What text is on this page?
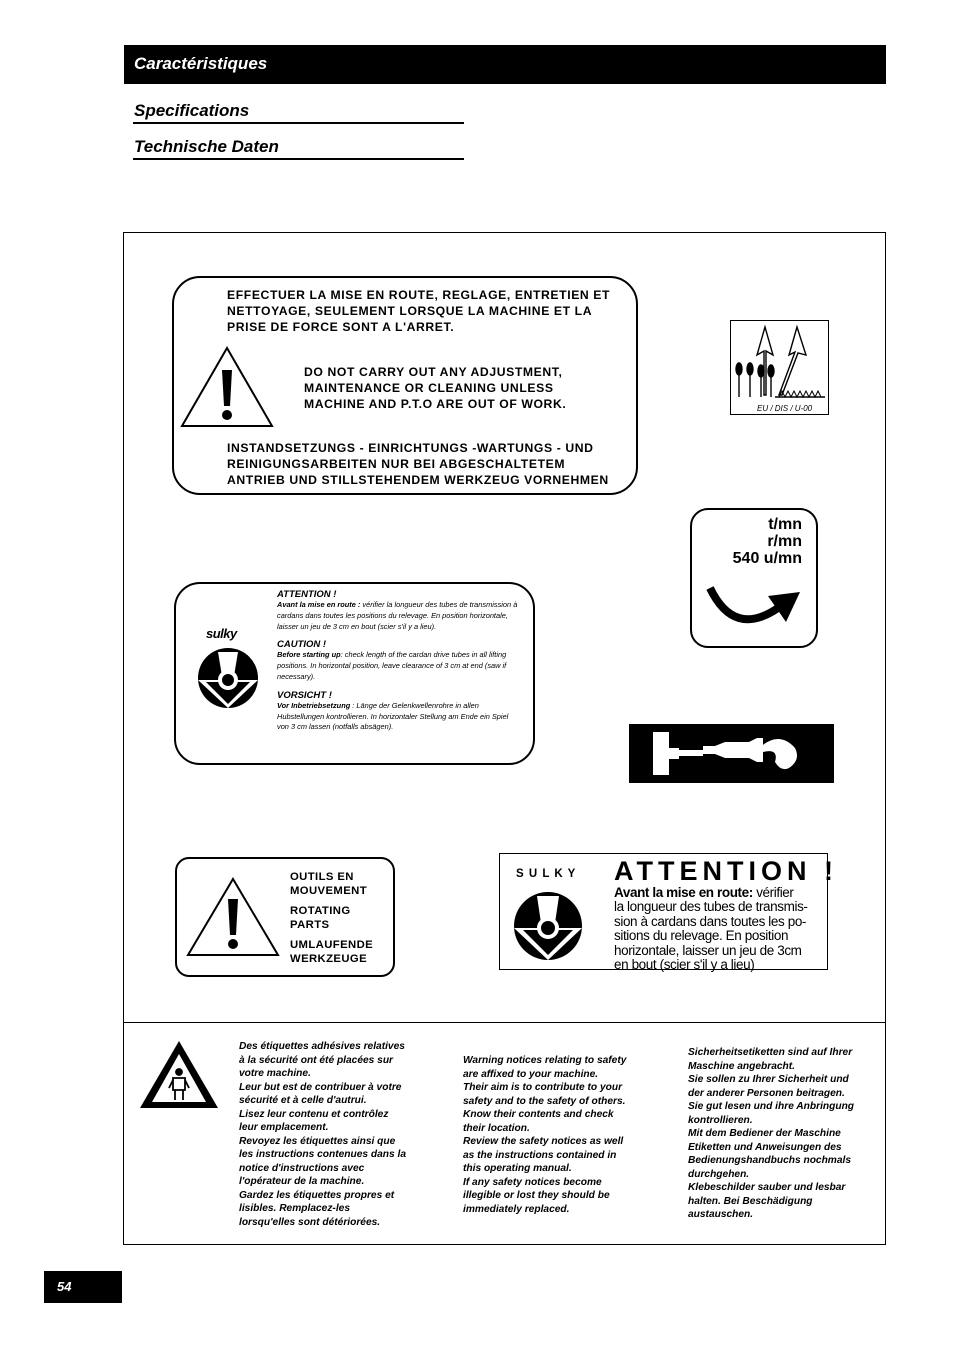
Caractéristiques
Specifications
Technische Daten
EFFECTUER LA MISE EN ROUTE, REGLAGE, ENTRETIEN ET
NETTOYAGE, SEULEMENT LORSQUE LA MACHINE ET LA
PRISE DE FORCE SONT A L'ARRET.
DO NOT CARRY OUT ANY ADJUSTMENT,
MAINTENANCE OR CLEANING UNLESS
MACHINE AND P.T.O ARE OUT OF WORK.
INSTANDSETZUNGS - EINRICHTUNGS -WARTUNGS - UND
REINIGUNGSARBEITEN NUR BEI ABGESCHALTETEM
ANTRIEB UND STILLSTEHENDEM WERKZEUG VORNEHMEN
EU / DIS / U-00
t/mn
r/mn
540 u/mn
sulky
ATTENTION !
Avant la mise en route : vérifier la longueur des tubes de transmission à cardans dans toutes les positions du relevage. En position horizontale, laisser un jeu de 3 cm en bout (scier s'il y a lieu).
CAUTION !
Before starting up: check length of the cardan drive tubes in all lifting positions. In horizontal position, leave clearance of 3 cm at end (saw if necessary).
VORSICHT !
Vor Inbetriebsetzung : Länge der Gelenkwellenrohre in allen Hubstellungen kontrollieren. In horizontaler Stellung am Ende ein Spiel von 3 cm lassen (notfalls absägen).
OUTILS EN
MOUVEMENT
ROTATING
PARTS
UMLAUFENDE
WERKZEUGE
S U L K Y ATTENTION !
Avant la mise en route: vérifier
la longueur des tubes de transmis-
sion à cardans dans toutes les po-
sitions du relevage. En position
horizontale, laisser un jeu de 3cm
en bout (scier s'il y a lieu)
Des étiquettes adhésives relatives
à la sécurité ont été placées sur
votre machine.
Leur but est de contribuer à votre
sécurité et à celle d'autrui.
Lisez leur contenu et contrôlez
leur emplacement.
Revoyez les étiquettes ainsi que
les instructions contenues dans la
notice d'instructions avec
l'opérateur de la machine.
Gardez les étiquettes propres et
lisibles. Remplacez-les
lorsqu'elles sont détériorées.
Warning notices relating to safety
are affixed to your machine.
Their aim is to contribute to your
safety and to the safety of others.
Know their contents and check
their location.
Review the safety notices as well
as the instructions contained in
this operating manual.
If any safety notices become
illegible or lost they should be
immediately replaced.
Sicherheitsetiketten sind auf Ihrer
Maschine angebracht.
Sie sollen zu Ihrer Sicherheit und
der anderer Personen beitragen.
Sie gut lesen und ihre Anbringung
kontrollieren.
Mit dem Bediener der Maschine
Etiketten und Anweisungen des
Bedienungshandbuchs nochmals
durchgehen.
Klebeschilder sauber und lesbar
halten. Bei Beschädigung
austauschen.
54
